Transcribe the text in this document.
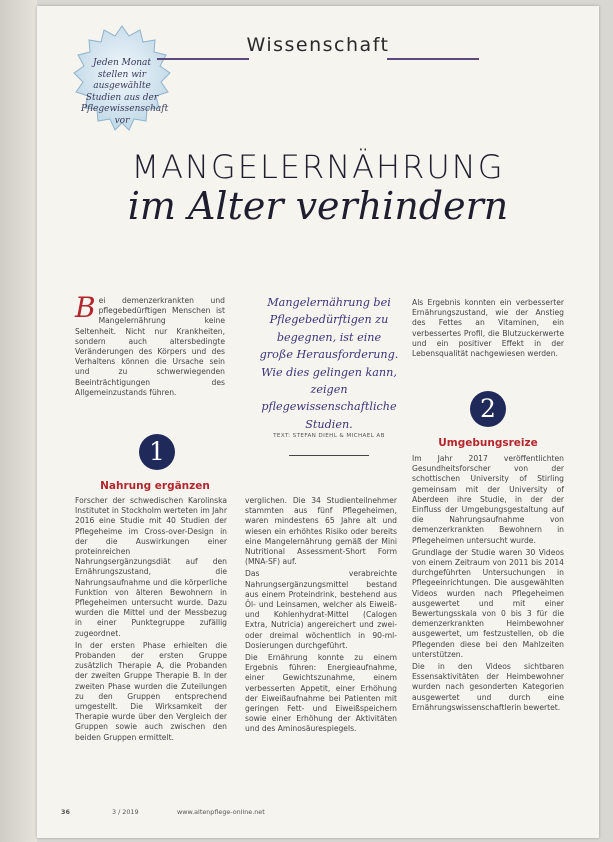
Jeden Monat stellen wir ausgewählte Studien aus der Pflegewissenschaft vor
Wissenschaft
MANGELERNÄHRUNG
im Alter verhindern
Bei demenzerkrankten und pflegebedürftigen Menschen ist Mangelernährung keine Seltenheit. Nicht nur Krankheiten, sondern auch altersbedingte Veränderungen des Körpers und des Verhaltens können die Ursache sein und zu schwerwiegenden Beeinträchtigungen des Allgemeinzustands führen.
Mangelernährung bei Pflegebedürftigen zu begegnen, ist eine große Herausforderung. Wie dies gelingen kann, zeigen pflegewissenschaftliche Studien.
TEXT: STEFAN DIEHL & MICHAEL AB
Als Ergebnis konnten ein verbesserter Ernährungszustand, wie der Anstieg des Fettes an Vitaminen, ein verbessertes Profil, die Blutzuckerwerte und ein positiver Effekt in der Lebensqualität nachgewiesen werden.
1
Nahrung ergänzen

Forscher der schwedischen Karolinska Institutet in Stockholm werteten im Jahr 2016 eine Studie mit 40 Studien der Pflegeheime im Cross-over-Design in der die Auswirkungen einer proteinreichen Nahrungsergänzungsdiät auf den Ernährungszustand, die Nahrungsaufnahme und die körperliche Funktion von älteren Bewohnern in Pflegeheimen untersucht wurde. Dazu wurden die Mittel und der Messbezug in einer Punktegruppe zufällig zugeordnet.

In der ersten Phase erhielten die Probanden der ersten Gruppe zusätzlich Therapie A, die Probanden der zweiten Gruppe Therapie B. In der zweiten Phase wurden die Zuteilungen zu den Gruppen entsprechend umgestellt. Die Wirksamkeit der Therapie wurde über den Vergleich der Gruppen sowie auch zwischen den beiden Gruppen ermittelt.

verglichen. Die 34 Studienteilnehmer stammten aus fünf Pflegeheimen, waren mindestens 65 Jahre alt und wiesen ein erhöhtes Risiko oder bereits eine Mangelernährung gemäß der Mini Nutritional Assessment-Short Form (MNA-SF) auf.

Das verabreichte Nahrungsergänzungsmittel bestand aus einem Proteindrink, bestehend aus Öl- und Leinsamen, welcher als Eiweiß- und Kohlenhydrat-Mittel (Calogen Extra, Nutricia) angereichert und zwei- oder dreimal wöchentlich in 90-ml-Dosierungen durchgeführt.

Die Ernährung konnte zu einem Ergebnis führen: Energieaufnahme, einer Gewichtszunahme, einem verbesserten Appetit, einer Erhöhung der Eiweißaufnahme bei Patienten mit geringen Fett- und Eiweißspeichern sowie einer Erhöhung der Aktivitäten und des Aminosäurespiegels.

2
Umgebungsreize

Im Jahr 2017 veröffentlichten Gesundheitsforscher von der schottischen University of Stirling gemeinsam mit der University of Aberdeen ihre Studie, in der der Einfluss der Umgebungsgestaltung auf die Nahrungsaufnahme von demenzerkrankten Bewohnern in Pflegeheimen untersucht wurde.

Grundlage der Studie waren 30 Videos von einem Zeitraum von 2011 bis 2014 durchgeführten Untersuchungen in Pflegeeinrichtungen. Die ausgewählten Videos wurden nach Pflegeheimen ausgewertet und mit einer Bewertungsskala von 0 bis 3 für die demenzerkrankten Heimbewohner ausgewertet, um festzustellen, ob die Pflegenden diese bei den Mahlzeiten unterstützen.

Die in den Videos sichtbaren Essensaktivitäten der Heimbewohner wurden nach gesonderten Kategorien ausgewertet und durch eine Ernährungswissenschaftlerin bewertet.

36	3 / 2019	www.altenpflege-online.net
